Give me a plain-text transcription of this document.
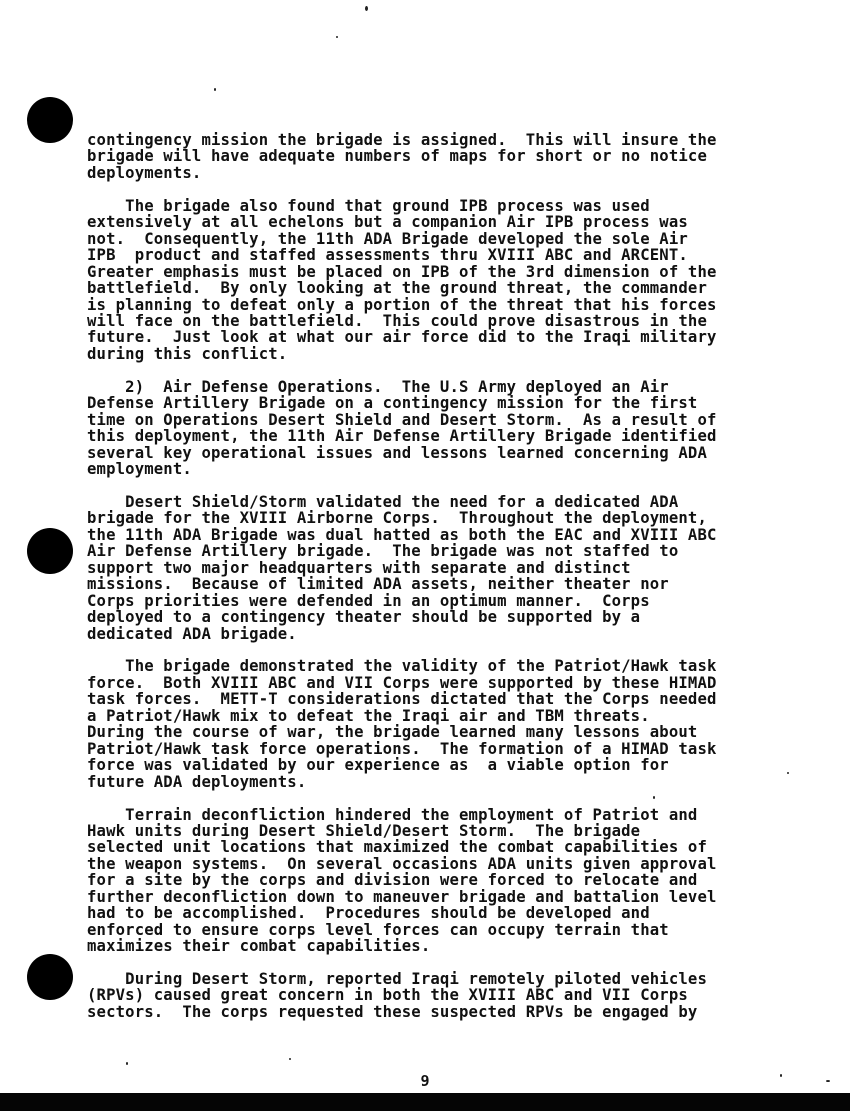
contingency mission the brigade is assigned.  This will insure the
brigade will have adequate numbers of maps for short or no notice
deployments.
The brigade also found that ground IPB process was used
extensively at all echelons but a companion Air IPB process was
not.  Consequently, the 11th ADA Brigade developed the sole Air
IPB  product and staffed assessments thru XVIII ABC and ARCENT.
Greater emphasis must be placed on IPB of the 3rd dimension of the
battlefield.  By only looking at the ground threat, the commander
is planning to defeat only a portion of the threat that his forces
will face on the battlefield.  This could prove disastrous in the
future.  Just look at what our air force did to the Iraqi military
during this conflict.
2)  Air Defense Operations.  The U.S Army deployed an Air
Defense Artillery Brigade on a contingency mission for the first
time on Operations Desert Shield and Desert Storm.  As a result of
this deployment, the 11th Air Defense Artillery Brigade identified
several key operational issues and lessons learned concerning ADA
employment.
Desert Shield/Storm validated the need for a dedicated ADA
brigade for the XVIII Airborne Corps.  Throughout the deployment,
the 11th ADA Brigade was dual hatted as both the EAC and XVIII ABC
Air Defense Artillery brigade.  The brigade was not staffed to
support two major headquarters with separate and distinct
missions.  Because of limited ADA assets, neither theater nor
Corps priorities were defended in an optimum manner.  Corps
deployed to a contingency theater should be supported by a
dedicated ADA brigade.
The brigade demonstrated the validity of the Patriot/Hawk task
force.  Both XVIII ABC and VII Corps were supported by these HIMAD
task forces.  METT-T considerations dictated that the Corps needed
a Patriot/Hawk mix to defeat the Iraqi air and TBM threats.
During the course of war, the brigade learned many lessons about
Patriot/Hawk task force operations.  The formation of a HIMAD task
force was validated by our experience as  a viable option for
future ADA deployments.
Terrain deconfliction hindered the employment of Patriot and
Hawk units during Desert Shield/Desert Storm.  The brigade
selected unit locations that maximized the combat capabilities of
the weapon systems.  On several occasions ADA units given approval
for a site by the corps and division were forced to relocate and
further deconfliction down to maneuver brigade and battalion level
had to be accomplished.  Procedures should be developed and
enforced to ensure corps level forces can occupy terrain that
maximizes their combat capabilities.
During Desert Storm, reported Iraqi remotely piloted vehicles
(RPVs) caused great concern in both the XVIII ABC and VII Corps
sectors.  The corps requested these suspected RPVs be engaged by
9
